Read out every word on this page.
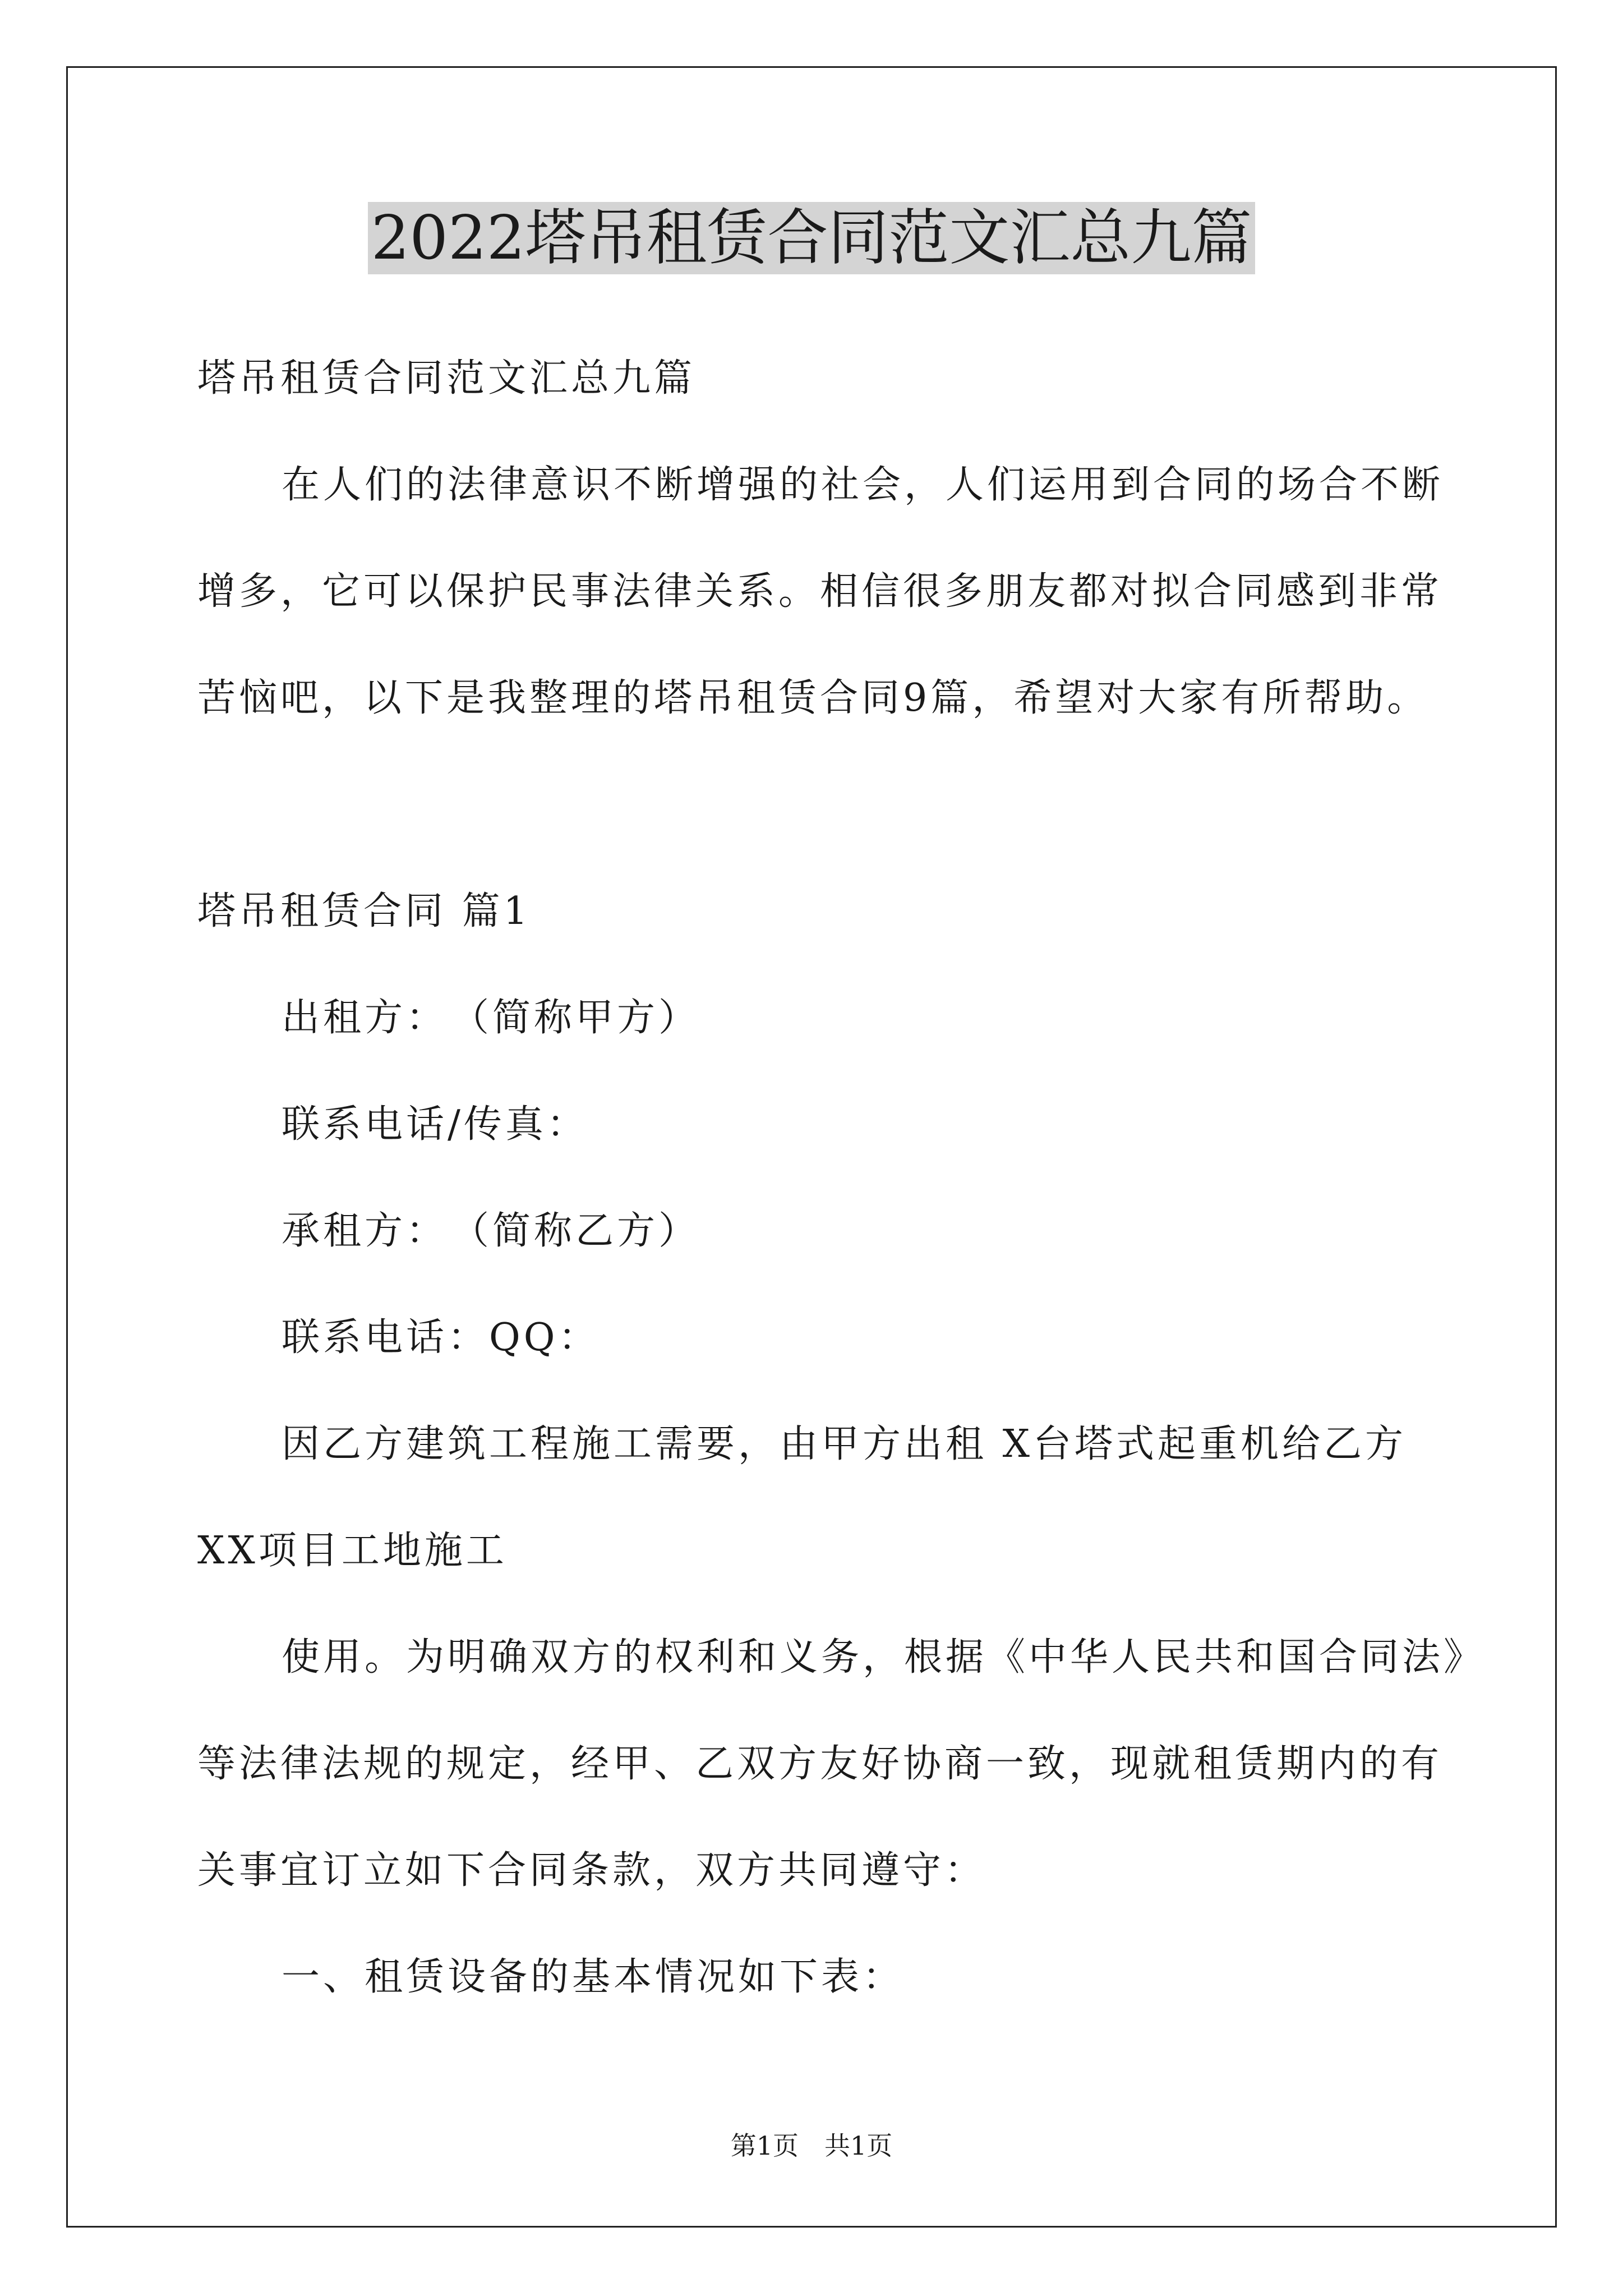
2022塔吊租赁合同范文汇总九篇

塔吊租赁合同范文汇总九篇

在人们的法律意识不断增强的社会，人们运用到合同的场合不断

增多，它可以保护民事法律关系。相信很多朋友都对拟合同感到非常

苦恼吧，以下是我整理的塔吊租赁合同9篇，希望对大家有所帮助。

塔吊租赁合同 篇1

出租方：　（简称甲方）

联系电话/传真：

承租方：　（简称乙方）

联系电话：QQ：

因乙方建筑工程施工需要，由甲方出租 X台塔式起重机给乙方

XX项目工地施工

使用。为明确双方的权利和义务，根据《中华人民共和国合同法》

等法律法规的规定，经甲、乙双方友好协商一致，现就租赁期内的有

关事宜订立如下合同条款，双方共同遵守：

一、租赁设备的基本情况如下表：

第1页　共1页
